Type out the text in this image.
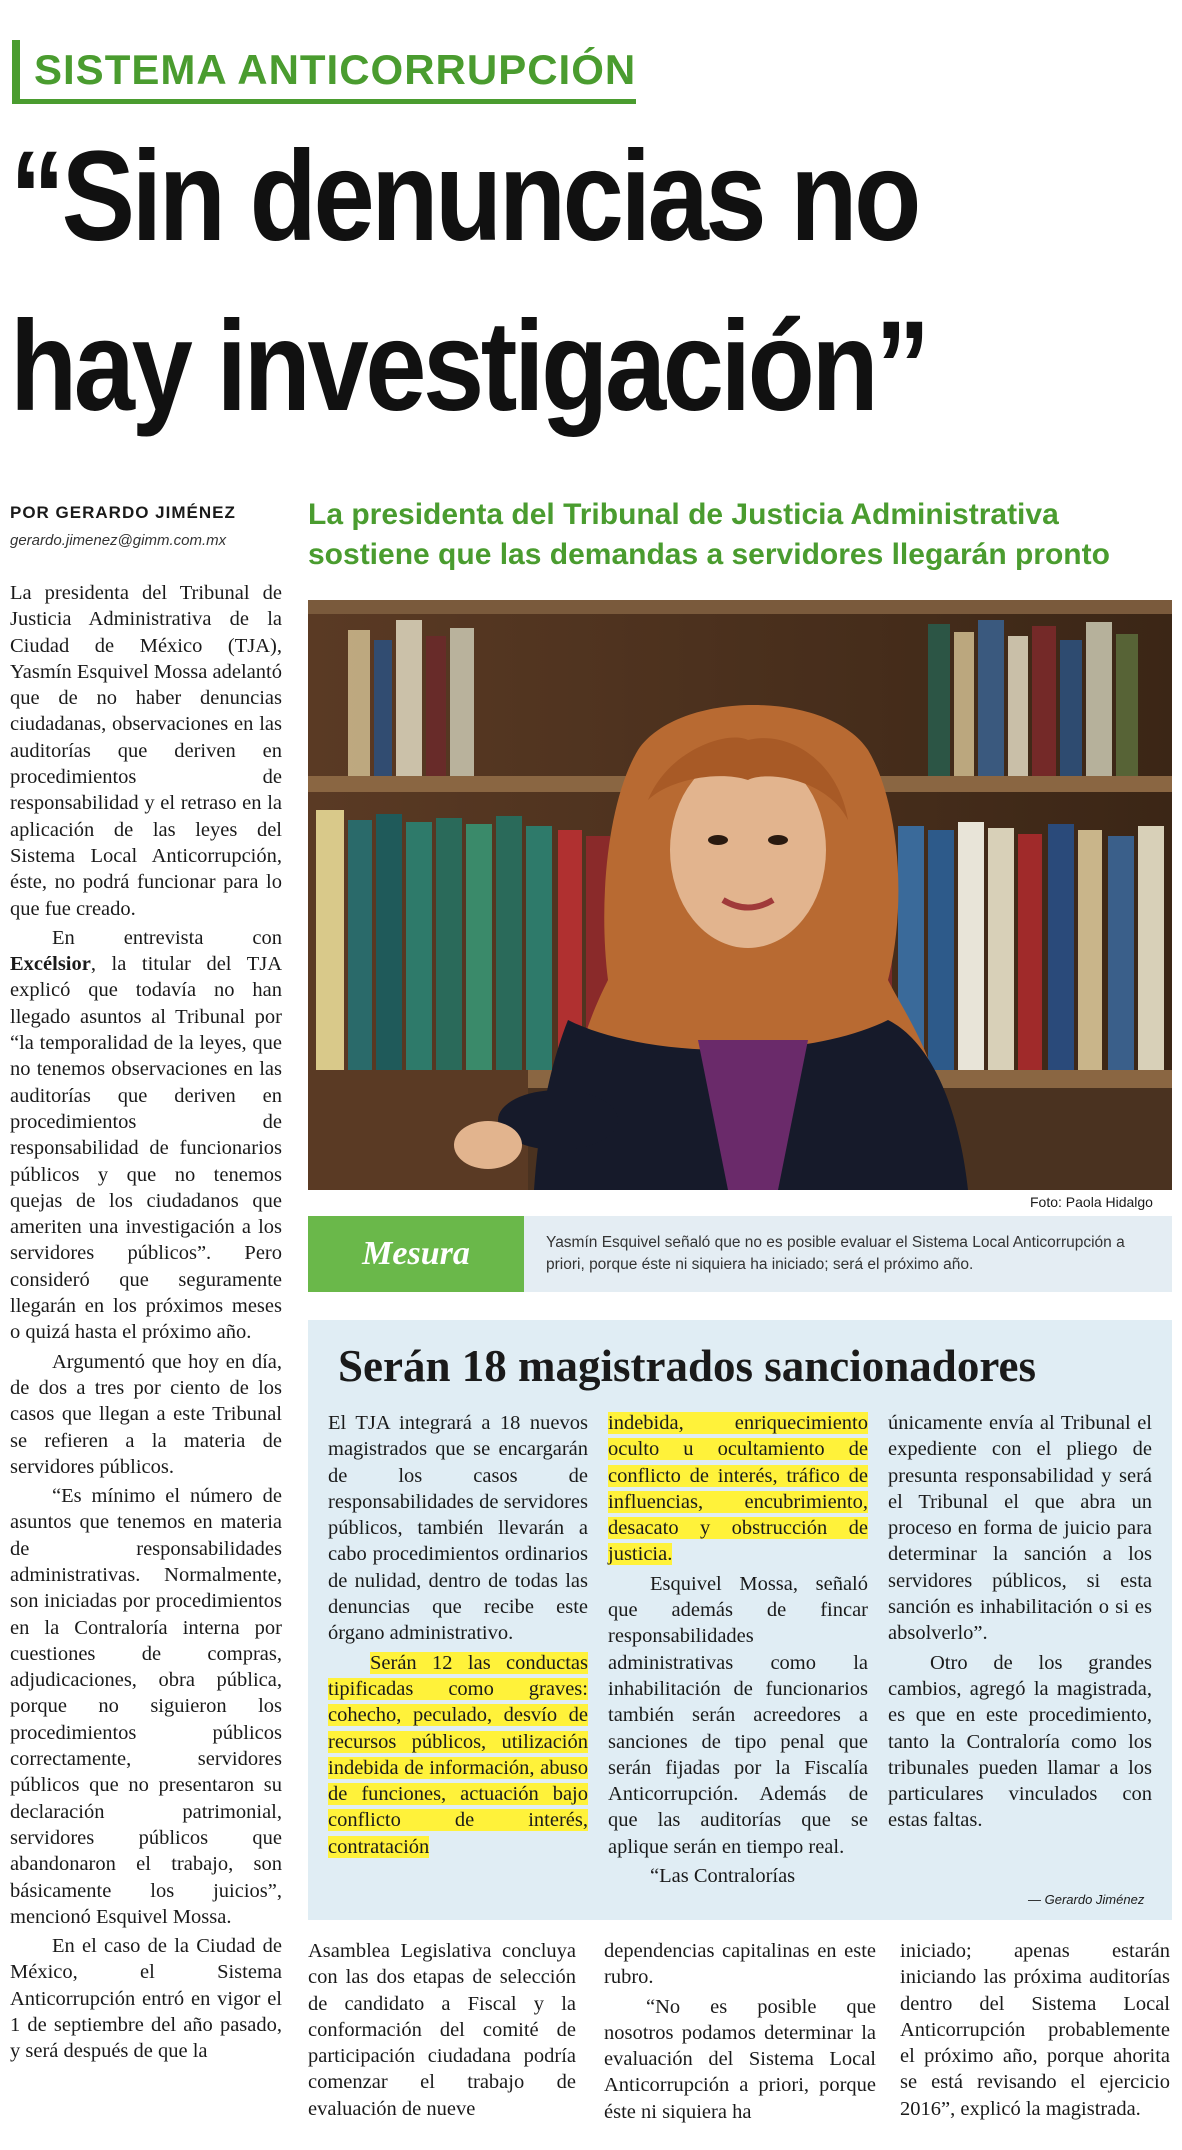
SISTEMA ANTICORRUPCIÓN
“Sin denuncias no
hay investigación”
POR GERARDO JIMÉNEZ
gerardo.jimenez@gimm.com.mx
La presidenta del Tribunal de Justicia Administrativa
sostiene que las demandas a servidores llegarán pronto

La presidenta del Tribunal de Justicia Administrativa de la Ciudad de México (TJA), Yasmín Esquivel Mossa adelantó que de no haber denuncias ciudadanas, observaciones en las auditorías que deriven en procedimientos de responsabilidad y el retraso en la aplicación de las leyes del Sistema Local Anticorrupción, éste, no podrá funcionar para lo que fue creado.

En entrevista con Excélsior, la titular del TJA explicó que todavía no han llegado asuntos al Tribunal por “la temporalidad de la leyes, que no tenemos observaciones en las auditorías que deriven en procedimientos de responsabilidad de funcionarios públicos y que no tenemos quejas de los ciudadanos que ameriten una investigación a los servidores públicos”. Pero consideró que seguramente llegarán en los próximos meses o quizá hasta el próximo año.

Argumentó que hoy en día, de dos a tres por ciento de los casos que llegan a este Tribunal se refieren a la materia de servidores públicos.

“Es mínimo el número de asuntos que tenemos en materia de responsabilidades administrativas. Normalmente, son iniciadas por procedimientos en la Contraloría interna por cuestiones de compras, adjudicaciones, obra pública, porque no siguieron los procedimientos públicos correctamente, servidores públicos que no presentaron su declaración patrimonial, servidores públicos que abandonaron el trabajo, son básicamente los juicios”, mencionó Esquivel Mossa.

En el caso de la Ciudad de México, el Sistema Anticorrupción entró en vigor el 1 de septiembre del año pasado, y será después de que la

Foto: Paola Hidalgo
Mesura	Yasmín Esquivel señaló que no es posible evaluar el Sistema Local Anticorrupción a priori, porque éste ni siquiera ha iniciado; será el próximo año.
Serán 18 magistrados sancionadores

El TJA integrará a 18 nuevos magistrados que se encargarán de los casos de responsabilidades de servidores públicos, también llevarán a cabo procedimientos ordinarios de nulidad, dentro de todas las denuncias que recibe este órgano administrativo.

Serán 12 las conductas tipificadas como graves: cohecho, peculado, desvío de recursos públicos, utilización indebida de información, abuso de funciones, actuación bajo conflicto de interés, contratación

indebida, enriquecimiento oculto u ocultamiento de conflicto de interés, tráfico de influencias, encubrimiento, desacato y obstrucción de justicia.

Esquivel Mossa, señaló que además de fincar responsabilidades administrativas como la inhabilitación de funcionarios también serán acreedores a sanciones de tipo penal que serán fijadas por la Fiscalía Anticorrupción. Además de que las auditorías que se aplique serán en tiempo real.

“Las Contralorías

únicamente envía al Tribunal el expediente con el pliego de presunta responsabilidad y será el Tribunal el que abra un proceso en forma de juicio para determinar la sanción a los servidores públicos, si esta sanción es inhabilitación o si es absolverlo”.

Otro de los grandes cambios, agregó la magistrada, es que en este procedimiento, tanto la Contraloría como los tribunales pueden llamar a los particulares vinculados con estas faltas.

— Gerardo Jiménez

Asamblea Legislativa concluya con las dos etapas de selección de candidato a Fiscal y la conformación del comité de participación ciudadana podría comenzar el trabajo de evaluación de nueve

dependencias capitalinas en este rubro.

“No es posible que nosotros podamos determinar la evaluación del Sistema Local Anticorrupción a priori, porque éste ni siquiera ha

iniciado; apenas estarán iniciando las próxima auditorías dentro del Sistema Local Anticorrupción probablemente el próximo año, porque ahorita se está revisando el ejercicio 2016”, explicó la magistrada.
